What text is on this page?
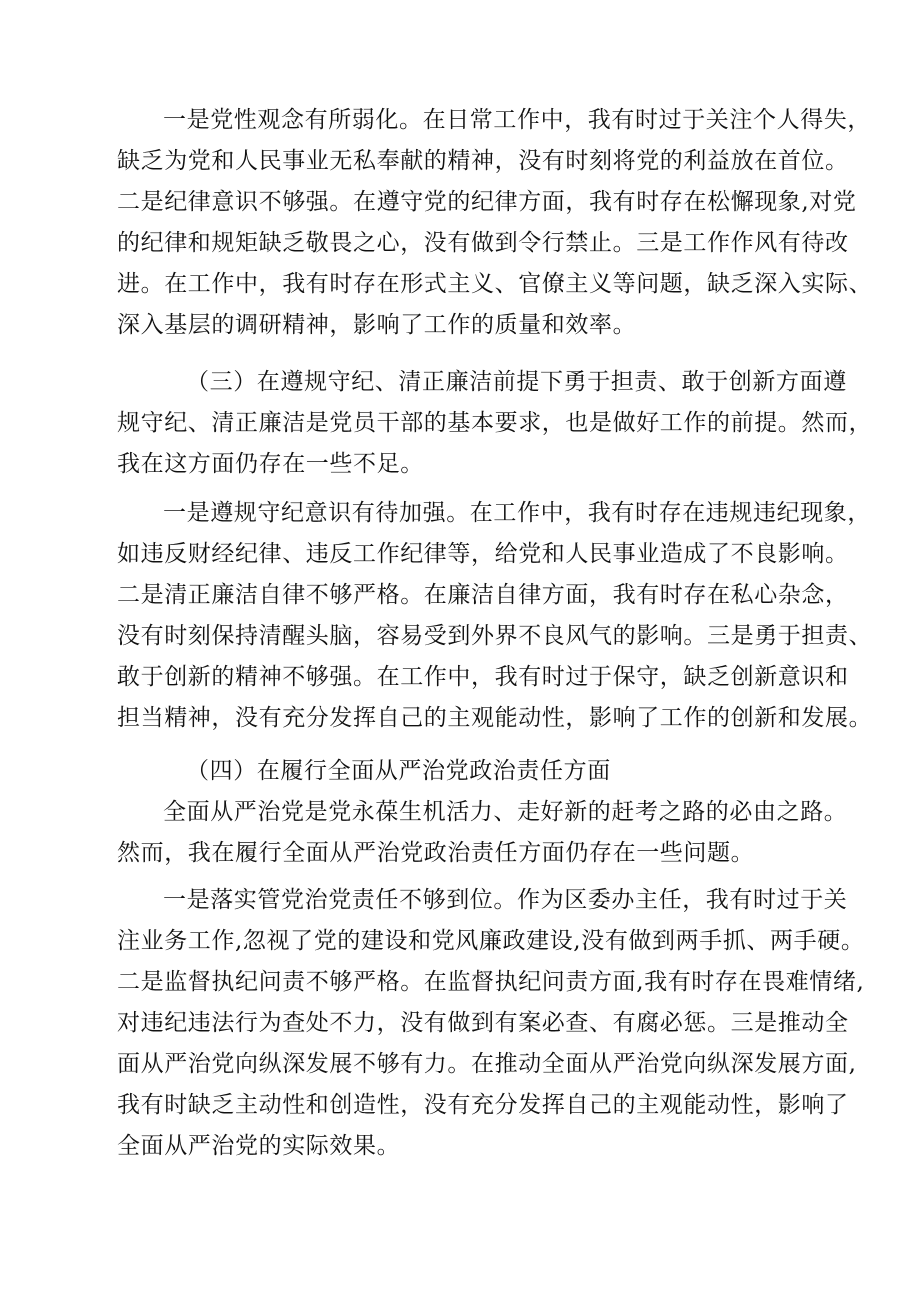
一是党性观念有所弱化。在日常工作中，我有时过于关注个人得失，
缺乏为党和人民事业无私奉献的精神，没有时刻将党的利益放在首位。
二是纪律意识不够强。在遵守党的纪律方面，我有时存在松懈现象,对党
的纪律和规矩缺乏敬畏之心，没有做到令行禁止。三是工作作风有待改
进。在工作中，我有时存在形式主义、官僚主义等问题，缺乏深入实际、
深入基层的调研精神，影响了工作的质量和效率。
（三）在遵规守纪、清正廉洁前提下勇于担责、敢于创新方面遵
规守纪、清正廉洁是党员干部的基本要求，也是做好工作的前提。然而，
我在这方面仍存在一些不足。
一是遵规守纪意识有待加强。在工作中，我有时存在违规违纪现象，
如违反财经纪律、违反工作纪律等，给党和人民事业造成了不良影响。
二是清正廉洁自律不够严格。在廉洁自律方面，我有时存在私心杂念，
没有时刻保持清醒头脑，容易受到外界不良风气的影响。三是勇于担责、
敢于创新的精神不够强。在工作中，我有时过于保守，缺乏创新意识和
担当精神，没有充分发挥自己的主观能动性，影响了工作的创新和发展。
（四）在履行全面从严治党政治责任方面
全面从严治党是党永葆生机活力、走好新的赶考之路的必由之路。
然而，我在履行全面从严治党政治责任方面仍存在一些问题。
一是落实管党治党责任不够到位。作为区委办主任，我有时过于关
注业务工作,忽视了党的建设和党风廉政建设,没有做到两手抓、两手硬。
二是监督执纪问责不够严格。在监督执纪问责方面,我有时存在畏难情绪,
对违纪违法行为查处不力，没有做到有案必查、有腐必惩。三是推动全
面从严治党向纵深发展不够有力。在推动全面从严治党向纵深发展方面,
我有时缺乏主动性和创造性，没有充分发挥自己的主观能动性，影响了
全面从严治党的实际效果。
